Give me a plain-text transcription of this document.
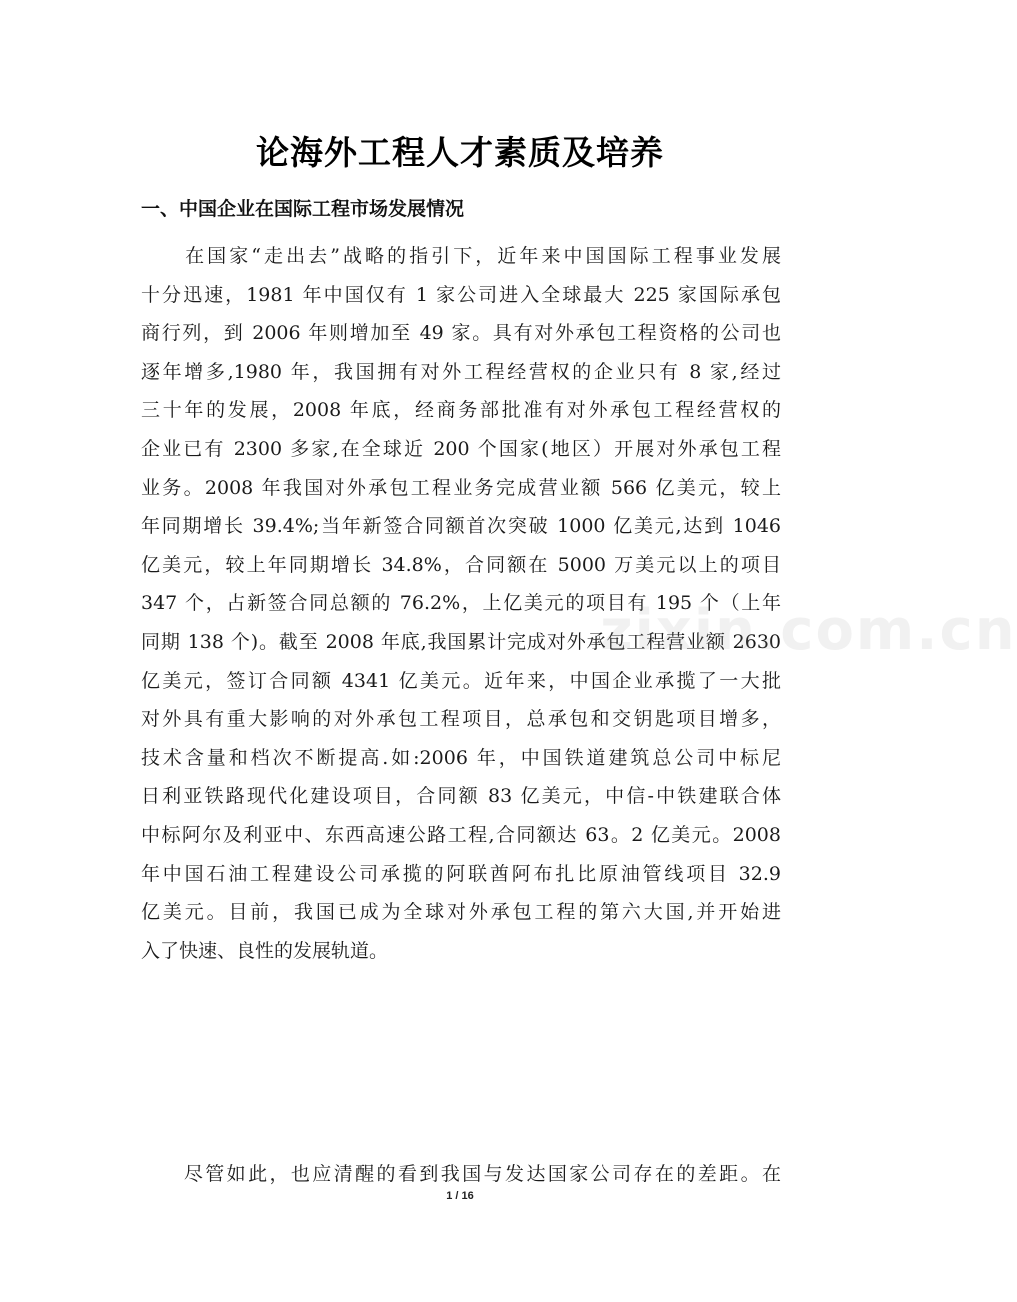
论海外工程人才素质及培养
一、中国企业在国际工程市场发展情况
　　在国家“走出去”战略的指引下，近年来中国国际工程事业发展
十分迅速，1981 年中国仅有 1 家公司进入全球最大 225 家国际承包
商行列，到 2006 年则增加至 49 家。具有对外承包工程资格的公司也
逐年增多,1980 年，我国拥有对外工程经营权的企业只有 8 家,经过
三十年的发展，2008 年底，经商务部批准有对外承包工程经营权的
企业已有 2300 多家,在全球近 200 个国家(地区）开展对外承包工程
业务。2008 年我国对外承包工程业务完成营业额 566 亿美元，较上
年同期增长 39.4%;当年新签合同额首次突破 1000 亿美元,达到 1046
亿美元，较上年同期增长 34.8%，合同额在 5000 万美元以上的项目
347 个，占新签合同总额的 76.2%，上亿美元的项目有 195 个（上年
同期 138 个)。截至 2008 年底,我国累计完成对外承包工程营业额 2630
亿美元，签订合同额 4341 亿美元。近年来，中国企业承揽了一大批
对外具有重大影响的对外承包工程项目，总承包和交钥匙项目增多，
技术含量和档次不断提高.如:2006 年，中国铁道建筑总公司中标尼
日利亚铁路现代化建设项目，合同额 83 亿美元，中信-中铁建联合体
中标阿尔及利亚中、东西高速公路工程,合同额达 63。2 亿美元。2008
年中国石油工程建设公司承揽的阿联酋阿布扎比原油管线项目 32.9
亿美元。目前，我国已成为全球对外承包工程的第六大国,并开始进
入了快速、良性的发展轨道。
　　尽管如此，也应清醒的看到我国与发达国家公司存在的差距。在
zixin.com.cn
1 / 16
